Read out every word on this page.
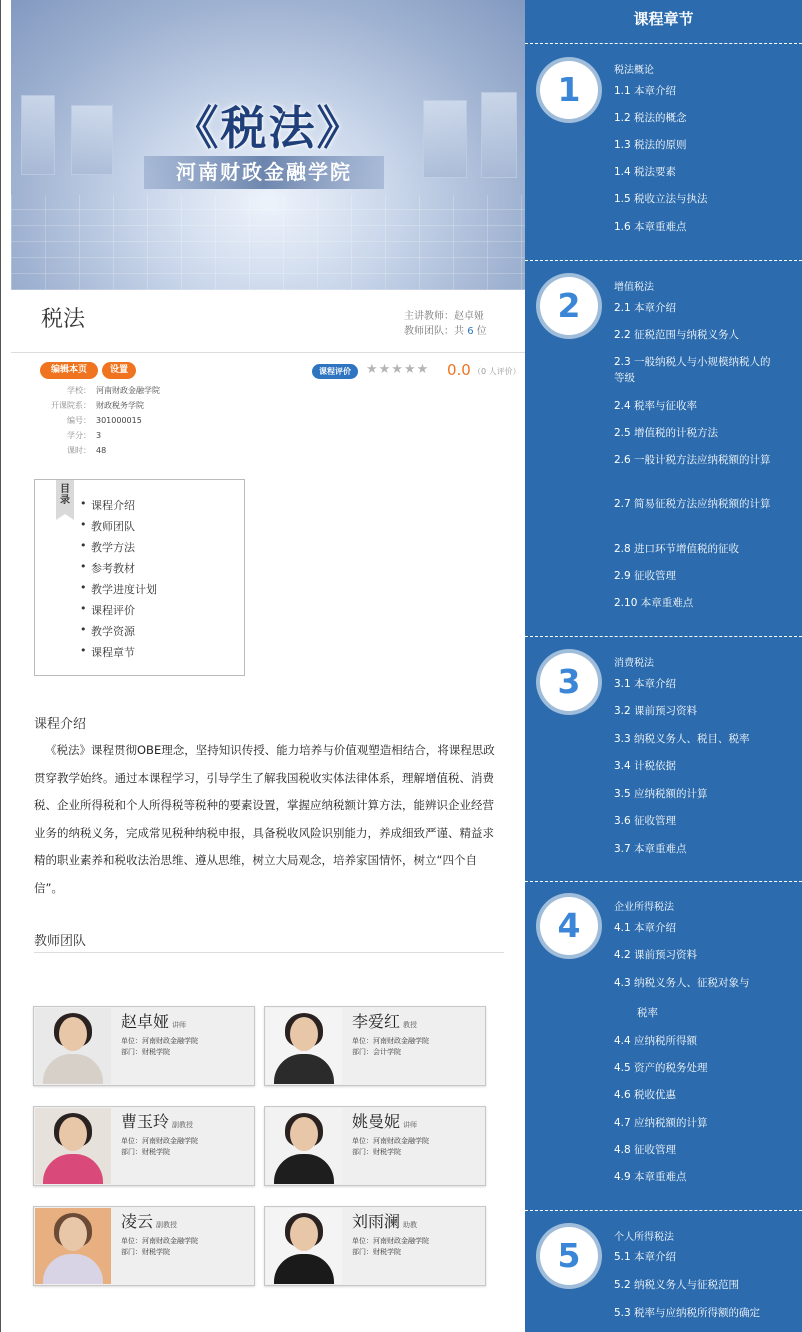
《税法》
河南财政金融学院
税法	主讲教师：赵卓娅
教师团队：共 6 位
编辑本页	设置	课程评价	★★★★★ 0.0 （0 人评价）
学校： 河南财政金融学院
开课院系： 财政税务学院
编号： 301000015
学分： 3
课时： 48
目录
•	课程介绍
• 教师团队
• 教学方法
• 参考教材
• 教学进度计划
• 课程评价
• 教学资源
• 课程章节
课程介绍
《税法》课程贯彻OBE理念，坚持知识传授、能力培养与价值观塑造相结合，将课程思政贯穿教学始终。通过本课程学习，引导学生了解我国税收实体法律体系，理解增值税、消费税、企业所得税和个人所得税等税种的要素设置，掌握应纳税额计算方法，能辨识企业经营业务的纳税义务，完成常见税种纳税申报，具备税收风险识别能力，养成细致严谨、精益求精的职业素养和税收法治思维、遵从思维，树立大局观念，培养家国情怀，树立“四个自信”。
教师团队
赵卓娅 讲师
单位：河南财政金融学院
部门：财税学院
李爱红 教授
单位：河南财政金融学院
部门：会计学院
曹玉玲 副教授
单位：河南财政金融学院
部门：财税学院
姚曼妮 讲师
单位：河南财政金融学院
部门：财税学院
凌云 副教授
单位：河南财政金融学院
部门：财税学院
刘雨澜 助教
单位：河南财政金融学院
部门：财税学院
课程章节
1	税法概论
1.1 本章介绍
1.2 税法的概念
1.3 税法的原则
1.4 税法要素
1.5 税收立法与执法
1.6 本章重难点
2	增值税法
2.1 本章介绍
2.2 征税范围与纳税义务人
2.3 一般纳税人与小规模纳税人的等级
2.4 税率与征收率
2.5 增值税的计税方法
2.6 一般计税方法应纳税额的计算
2.7 简易征税方法应纳税额的计算
2.8 进口环节增值税的征收
2.9 征收管理
2.10 本章重难点
3	消费税法
3.1 本章介绍
3.2 课前预习资料
3.3 纳税义务人、税目、税率
3.4 计税依据
3.5 应纳税额的计算
3.6 征收管理
3.7 本章重难点
4	企业所得税法
4.1 本章介绍
4.2 课前预习资料
4.3 纳税义务人、征税对象与
税率
4.4 应纳税所得额
4.5 资产的税务处理
4.6 税收优惠
4.7 应纳税额的计算
4.8 征收管理
4.9 本章重难点
5	个人所得税法
5.1 本章介绍
5.2 纳税义务人与征税范围
5.3 税率与应纳税所得额的确定
